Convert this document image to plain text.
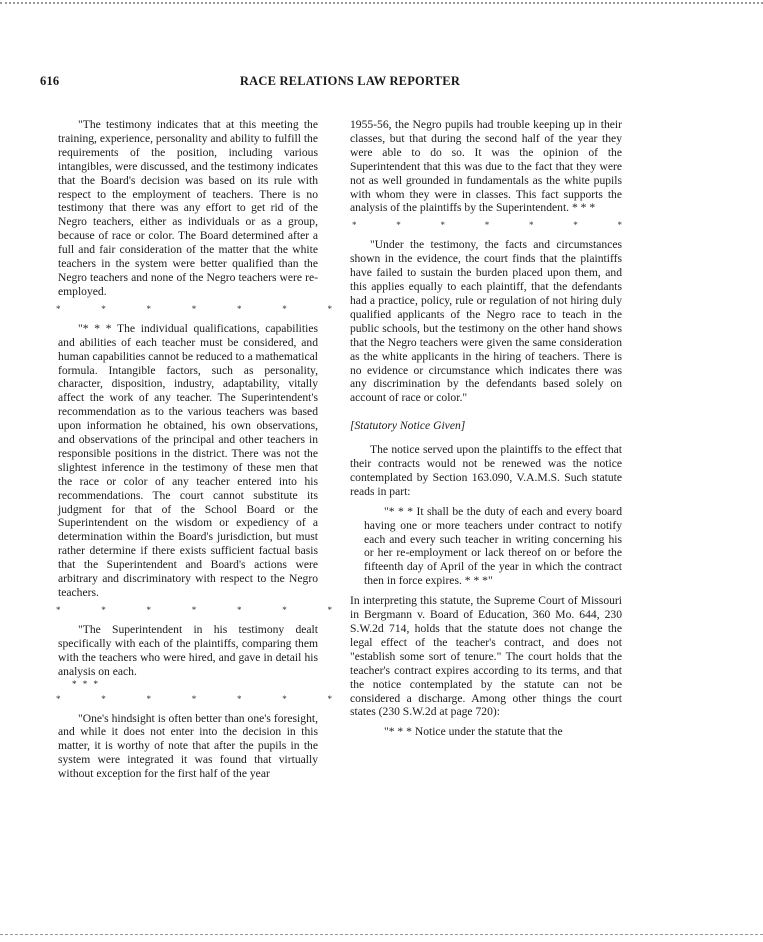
616	RACE RELATIONS LAW REPORTER

"The testimony indicates that at this meeting the training, experience, personality and ability to fulfill the requirements of the position, including various intangibles, were discussed, and the testimony indicates that the Board's decision was based on its rule with respect to the employment of teachers. There is no testimony that there was any effort to get rid of the Negro teachers, either as individuals or as a group, because of race or color. The Board determined after a full and fair consideration of the matter that the white teachers in the system were better qualified than the Negro teachers and none of the Negro teachers were re-employed.

*	*	*	*	*	*	*

"* * * The individual qualifications, capabilities and abilities of each teacher must be considered, and human capabilities cannot be reduced to a mathematical formula. Intangible factors, such as personality, character, disposition, industry, adaptability, vitally affect the work of any teacher. The Superintendent's recommendation as to the various teachers was based upon information he obtained, his own observations, and observations of the principal and other teachers in responsible positions in the district. There was not the slightest inference in the testimony of these men that the race or color of any teacher entered into his recommendations. The court cannot substitute its judgment for that of the School Board or the Superintendent on the wisdom or expediency of a determination within the Board's jurisdiction, but must rather determine if there exists sufficient factual basis that the Superintendent and Board's actions were arbitrary and discriminatory with respect to the Negro teachers.

*	*	*	*	*	*	*

"The Superintendent in his testimony dealt specifically with each of the plaintiffs, comparing them with the teachers who were hired, and gave in detail his analysis on each.

* * *
*	*	*	*	*	*	*

"One's hindsight is often better than one's foresight, and while it does not enter into the decision in this matter, it is worthy of note that after the pupils in the system were integrated it was found that virtually without exception for the first half of the year

1955-56, the Negro pupils had trouble keeping up in their classes, but that during the second half of the year they were able to do so. It was the opinion of the Superintendent that this was due to the fact that they were not as well grounded in fundamentals as the white pupils with whom they were in classes. This fact supports the analysis of the plaintiffs by the Superintendent. * * *

*	*	*	*	*	*	*

"Under the testimony, the facts and circumstances shown in the evidence, the court finds that the plaintiffs have failed to sustain the burden placed upon them, and this applies equally to each plaintiff, that the defendants had a practice, policy, rule or regulation of not hiring duly qualified applicants of the Negro race to teach in the public schools, but the testimony on the other hand shows that the Negro teachers were given the same consideration as the white applicants in the hiring of teachers. There is no evidence or circumstance which indicates there was any discrimination by the defendants based solely on account of race or color."

[Statutory Notice Given]

The notice served upon the plaintiffs to the effect that their contracts would not be renewed was the notice contemplated by Section 163.090, V.A.M.S. Such statute reads in part:

"* * * It shall be the duty of each and every board having one or more teachers under contract to notify each and every such teacher in writing concerning his or her re-employment or lack thereof on or before the fifteenth day of April of the year in which the contract then in force expires. * * *"

In interpreting this statute, the Supreme Court of Missouri in Bergmann v. Board of Education, 360 Mo. 644, 230 S.W.2d 714, holds that the statute does not change the legal effect of the teacher's contract, and does not "establish some sort of tenure." The court holds that the teacher's contract expires according to its terms, and that the notice contemplated by the statute can not be considered a discharge. Among other things the court states (230 S.W.2d at page 720):

"* * * Notice under the statute that the
